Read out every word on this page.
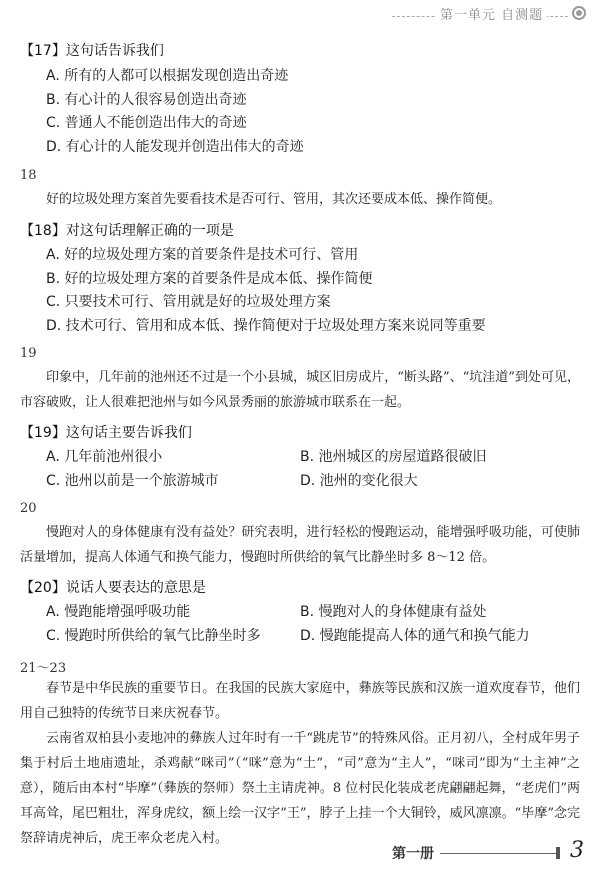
第一单元 自测题
【17】这句话告诉我们
A. 所有的人都可以根据发现创造出奇迹
B. 有心计的人很容易创造出奇迹
C. 普通人不能创造出伟大的奇迹
D. 有心计的人能发现并创造出伟大的奇迹
18

好的垃圾处理方案首先要看技术是否可行、管用，其次还要成本低、操作简便。

【18】对这句话理解正确的一项是
A. 好的垃圾处理方案的首要条件是技术可行、管用
B. 好的垃圾处理方案的首要条件是成本低、操作简便
C. 只要技术可行、管用就是好的垃圾处理方案
D. 技术可行、管用和成本低、操作简便对于垃圾处理方案来说同等重要
19

印象中，几年前的池州还不过是一个小县城，城区旧房成片，“断头路”、“坑洼道”到处可见，市容破败，让人很难把池州与如今风景秀丽的旅游城市联系在一起。

【19】这句话主要告诉我们
A. 几年前池州很小	B. 池州城区的房屋道路很破旧
C. 池州以前是一个旅游城市	D. 池州的变化很大
20

慢跑对人的身体健康有没有益处？研究表明，进行轻松的慢跑运动，能增强呼吸功能，可使肺活量增加，提高人体通气和换气能力，慢跑时所供给的氧气比静坐时多 8～12 倍。

【20】说话人要表达的意思是
A. 慢跑能增强呼吸功能	B. 慢跑对人的身体健康有益处
C. 慢跑时所供给的氧气比静坐时多	D. 慢跑能提高人体的通气和换气能力
21～23

春节是中华民族的重要节日。在我国的民族大家庭中，彝族等民族和汉族一道欢度春节，他们用自己独特的传统节日来庆祝春节。

云南省双柏县小麦地冲的彝族人过年时有一千“跳虎节”的特殊风俗。正月初八，全村成年男子集于村后土地庙遗址，杀鸡献“咪司”（“咪”意为“土”，“司”意为“主人”，“咪司”即为“土主神”之意），随后由本村“毕摩”（彝族的祭师）祭土主请虎神。8 位村民化装成老虎翩翩起舞，“老虎们”两耳高耸，尾巴粗壮，浑身虎纹，额上绘一汉字“王”，脖子上挂一个大铜铃，威风凛凛。“毕摩”念完祭辞请虎神后，虎王率众老虎入村。

第一册	3
